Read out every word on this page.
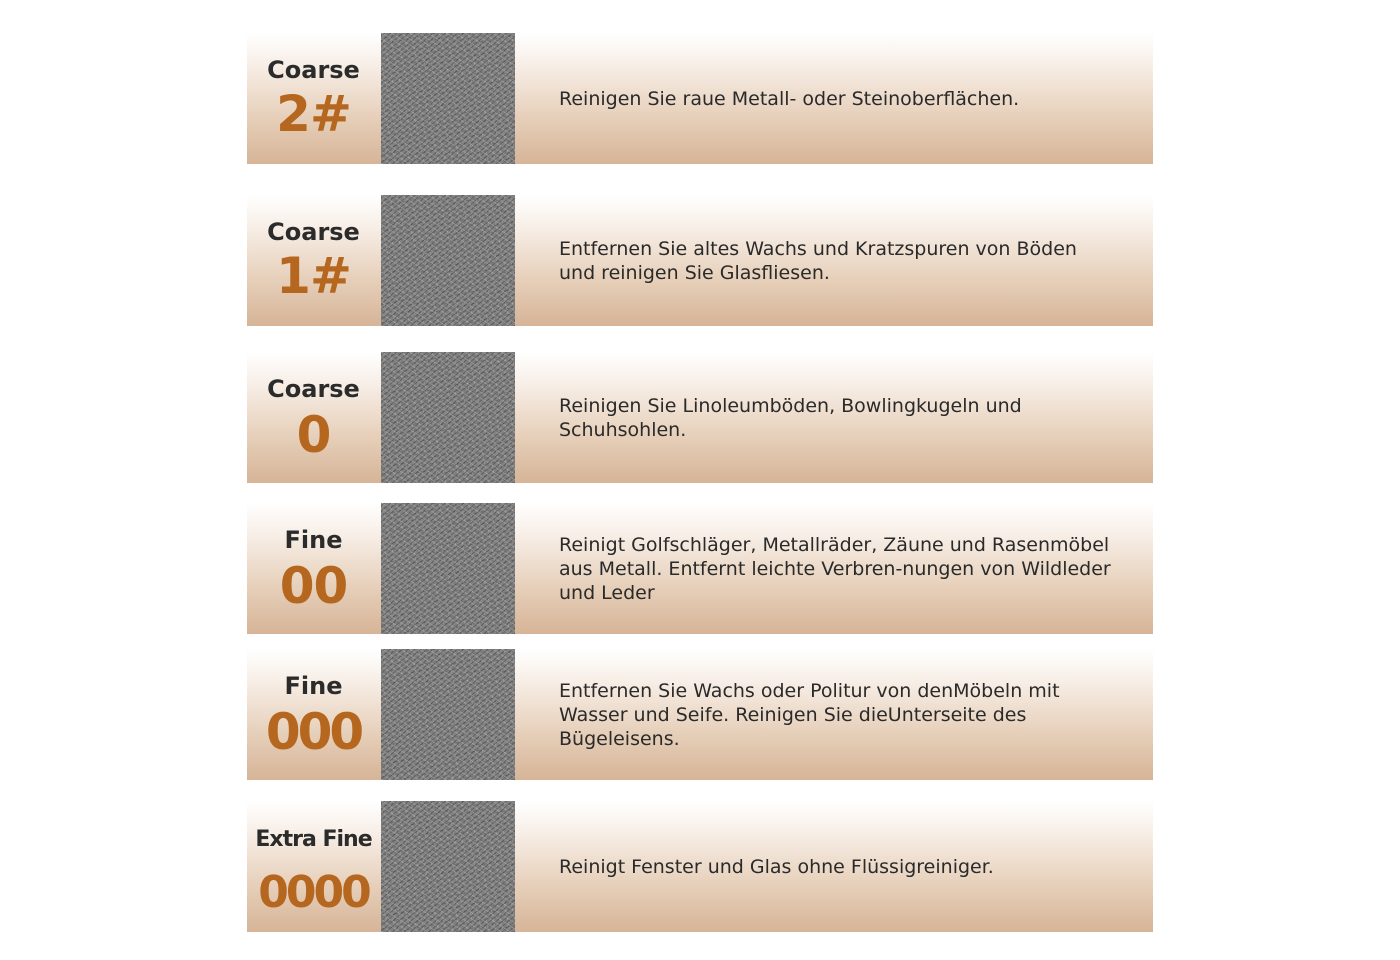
Coarse
2#	Reinigen Sie raue Metall- oder Steinoberflächen.
Coarse
1#	Entfernen Sie altes Wachs und Kratzspuren von Böden
und reinigen Sie Glasfliesen.
Coarse
0
Reinigen Sie Linoleumböden, Bowlingkugeln und
Schuhsohlen.
Fine
00
Reinigt Golfschläger, Metallräder, Zäune und Rasenmöbel
aus Metall. Entfernt leichte Verbren-nungen von Wildleder
und Leder
Fine
000
Entfernen Sie Wachs oder Politur von denMöbeln mit
Wasser und Seife. Reinigen Sie dieUnterseite des
Bügeleisens.
Extra Fine
0000
Reinigt Fenster und Glas ohne Flüssigreiniger.
